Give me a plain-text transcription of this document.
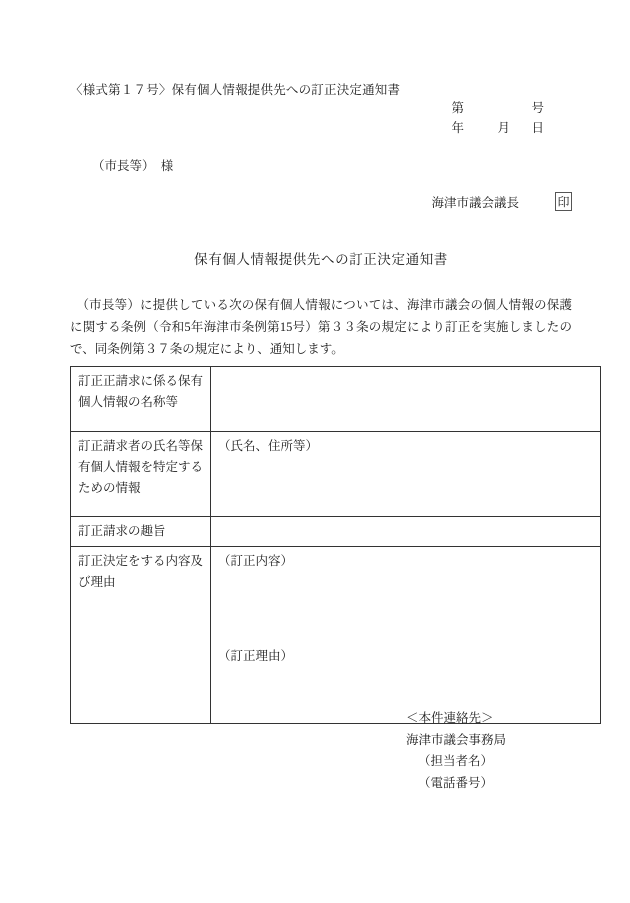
〈様式第１７号〉保有個人情報提供先への訂正決定通知書
第	号
年	月	日
（市長等）　様
海津市議会議長	印
保有個人情報提供先への訂正決定通知書

　（市長等）に提供している次の保有個人情報については、海津市議会の個人情報の保護に関する条例（令和5年海津市条例第15号）第３３条の規定により訂正を実施しましたので、同条例第３７条の規定により、通知します。

訂正正請求に係る保有個人情報の名称等	
訂正請求者の氏名等保有個人情報を特定するための情報	（氏名、住所等）
訂正請求の趣旨	
訂正決定をする内容及び理由	（訂正内容）
（訂正理由）
＜本件連絡先＞
海津市議会事務局
（担当者名）
（電話番号）
